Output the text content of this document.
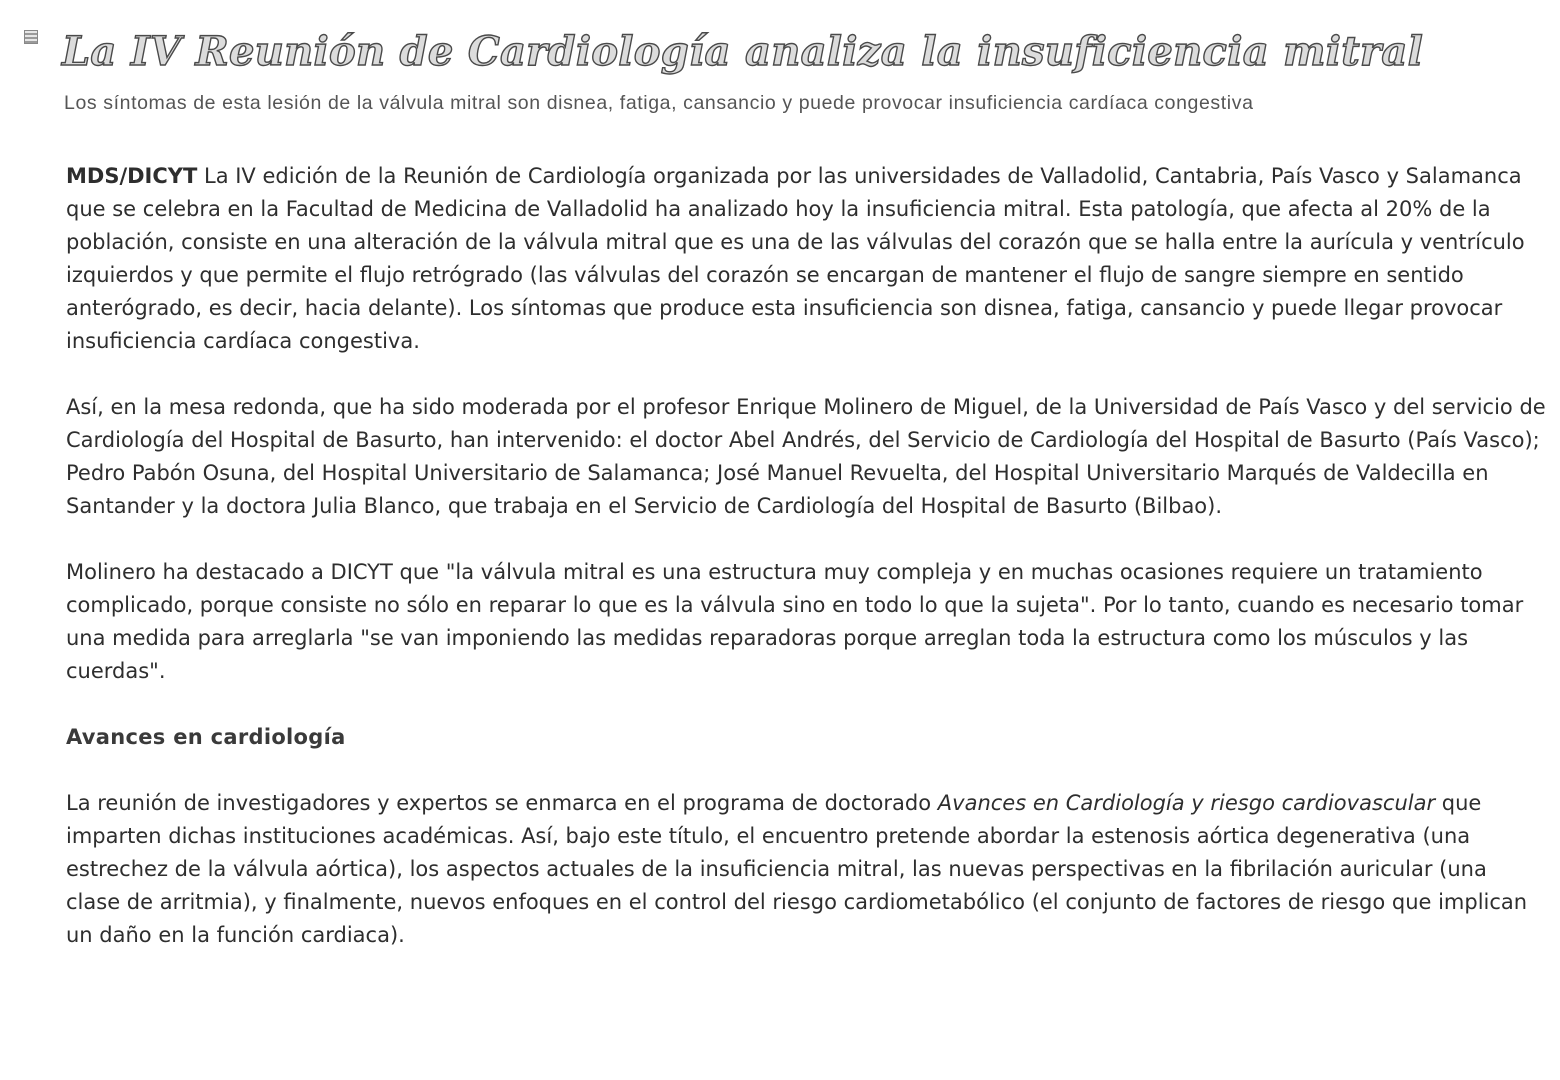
La IV Reunión de Cardiología analiza la insuficiencia mitral

Los síntomas de esta lesión de la válvula mitral son disnea, fatiga, cansancio y puede provocar insuficiencia cardíaca congestiva

MDS/DICYT La IV edición de la Reunión de Cardiología organizada por las universidades de Valladolid, Cantabria, País Vasco y Salamanca que se celebra en la Facultad de Medicina de Valladolid ha analizado hoy la insuficiencia mitral. Esta patología, que afecta al 20% de la población, consiste en una alteración de la válvula mitral que es una de las válvulas del corazón que se halla entre la aurícula y ventrículo izquierdos y que permite el flujo retrógrado (las válvulas del corazón se encargan de mantener el flujo de sangre siempre en sentido anterógrado, es decir, hacia delante). Los síntomas que produce esta insuficiencia son disnea, fatiga, cansancio y puede llegar provocar insuficiencia cardíaca congestiva.

Así, en la mesa redonda, que ha sido moderada por el profesor Enrique Molinero de Miguel, de la Universidad de País Vasco y del servicio de Cardiología del Hospital de Basurto, han intervenido: el doctor Abel Andrés, del Servicio de Cardiología del Hospital de Basurto (País Vasco); Pedro Pabón Osuna, del Hospital Universitario de Salamanca; José Manuel Revuelta, del Hospital Universitario Marqués de Valdecilla en Santander y la doctora Julia Blanco, que trabaja en el Servicio de Cardiología del Hospital de Basurto (Bilbao).

Molinero ha destacado a DICYT que "la válvula mitral es una estructura muy compleja y en muchas ocasiones requiere un tratamiento complicado, porque consiste no sólo en reparar lo que es la válvula sino en todo lo que la sujeta". Por lo tanto, cuando es necesario tomar una medida para arreglarla "se van imponiendo las medidas reparadoras porque arreglan toda la estructura como los músculos y las cuerdas".

Avances en cardiología

La reunión de investigadores y expertos se enmarca en el programa de doctorado Avances en Cardiología y riesgo cardiovascular que imparten dichas instituciones académicas. Así, bajo este título, el encuentro pretende abordar la estenosis aórtica degenerativa (una estrechez de la válvula aórtica), los aspectos actuales de la insuficiencia mitral, las nuevas perspectivas en la fibrilación auricular (una clase de arritmia), y finalmente, nuevos enfoques en el control del riesgo cardiometabólico (el conjunto de factores de riesgo que implican un daño en la función cardiaca).
